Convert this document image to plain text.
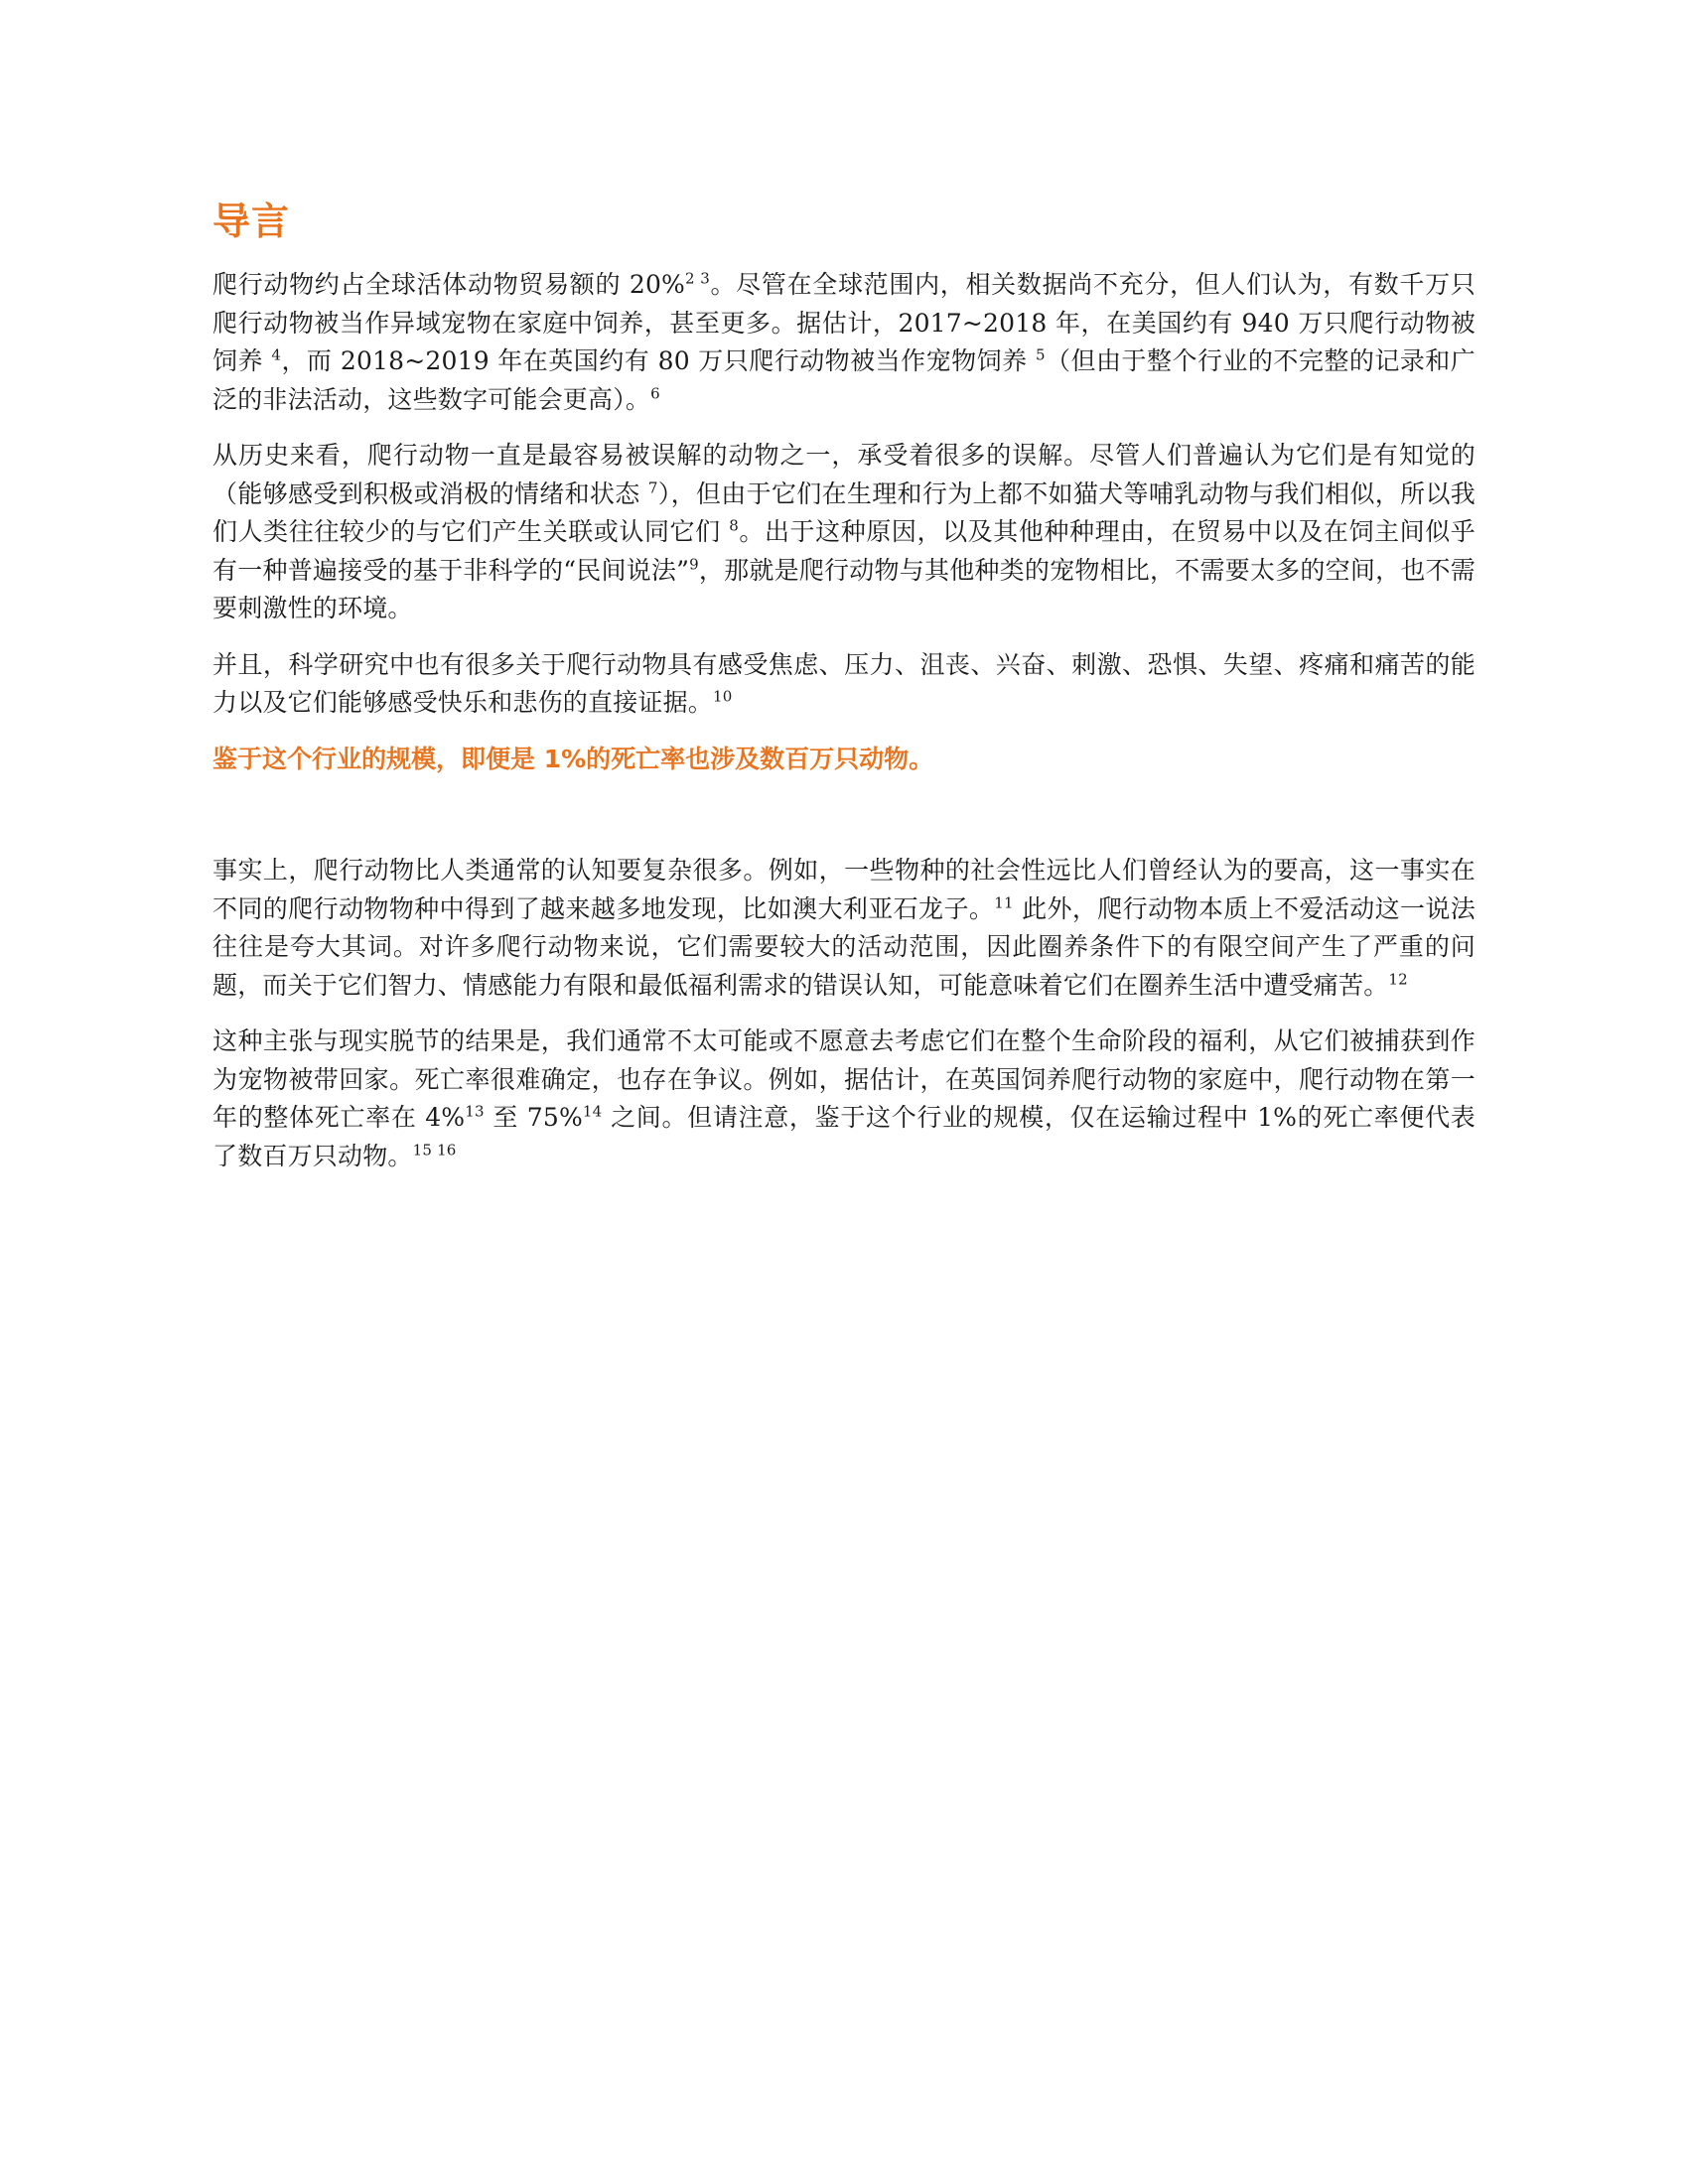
导言

爬行动物约占全球活体动物贸易额的 20%$^{2 3}$。尽管在全球范围内，相关数据尚不充分，但人们认为，有数千万只爬行动物被当作异域宠物在家庭中饲养，甚至更多。据估计，2017~2018 年，在美国约有 940 万只爬行动物被饲养 $^4$，而 2018~2019 年在英国约有 80 万只爬行动物被当作宠物饲养 $^5$（但由于整个行业的不完整的记录和广泛的非法活动，这些数字可能会更高）。$^6$

从历史来看，爬行动物一直是最容易被误解的动物之一，承受着很多的误解。尽管人们普遍认为它们是有知觉的（能够感受到积极或消极的情绪和状态 $^7$），但由于它们在生理和行为上都不如猫犬等哺乳动物与我们相似，所以我们人类往往较少的与它们产生关联或认同它们 $^8$。出于这种原因，以及其他种种理由，在贸易中以及在饲主间似乎有一种普遍接受的基于非科学的“民间说法”$^9$，那就是爬行动物与其他种类的宠物相比，不需要太多的空间，也不需要刺激性的环境。

并且，科学研究中也有很多关于爬行动物具有感受焦虑、压力、沮丧、兴奋、刺激、恐惧、失望、疼痛和痛苦的能力以及它们能够感受快乐和悲伤的直接证据。$^{10}$

鉴于这个行业的规模，即便是 1%的死亡率也涉及数百万只动物。

事实上，爬行动物比人类通常的认知要复杂很多。例如，一些物种的社会性远比人们曾经认为的要高，这一事实在不同的爬行动物物种中得到了越来越多地发现，比如澳大利亚石龙子。$^{11}$ 此外，爬行动物本质上不爱活动这一说法往往是夸大其词。对许多爬行动物来说，它们需要较大的活动范围，因此圈养条件下的有限空间产生了严重的问题，而关于它们智力、情感能力有限和最低福利需求的错误认知，可能意味着它们在圈养生活中遭受痛苦。$^{12}$

这种主张与现实脱节的结果是，我们通常不太可能或不愿意去考虑它们在整个生命阶段的福利，从它们被捕获到作为宠物被带回家。死亡率很难确定，也存在争议。例如，据估计，在英国饲养爬行动物的家庭中，爬行动物在第一年的整体死亡率在 4%$^{13}$ 至 75%$^{14}$ 之间。但请注意，鉴于这个行业的规模，仅在运输过程中 1%的死亡率便代表了数百万只动物。$^{15 16}$
